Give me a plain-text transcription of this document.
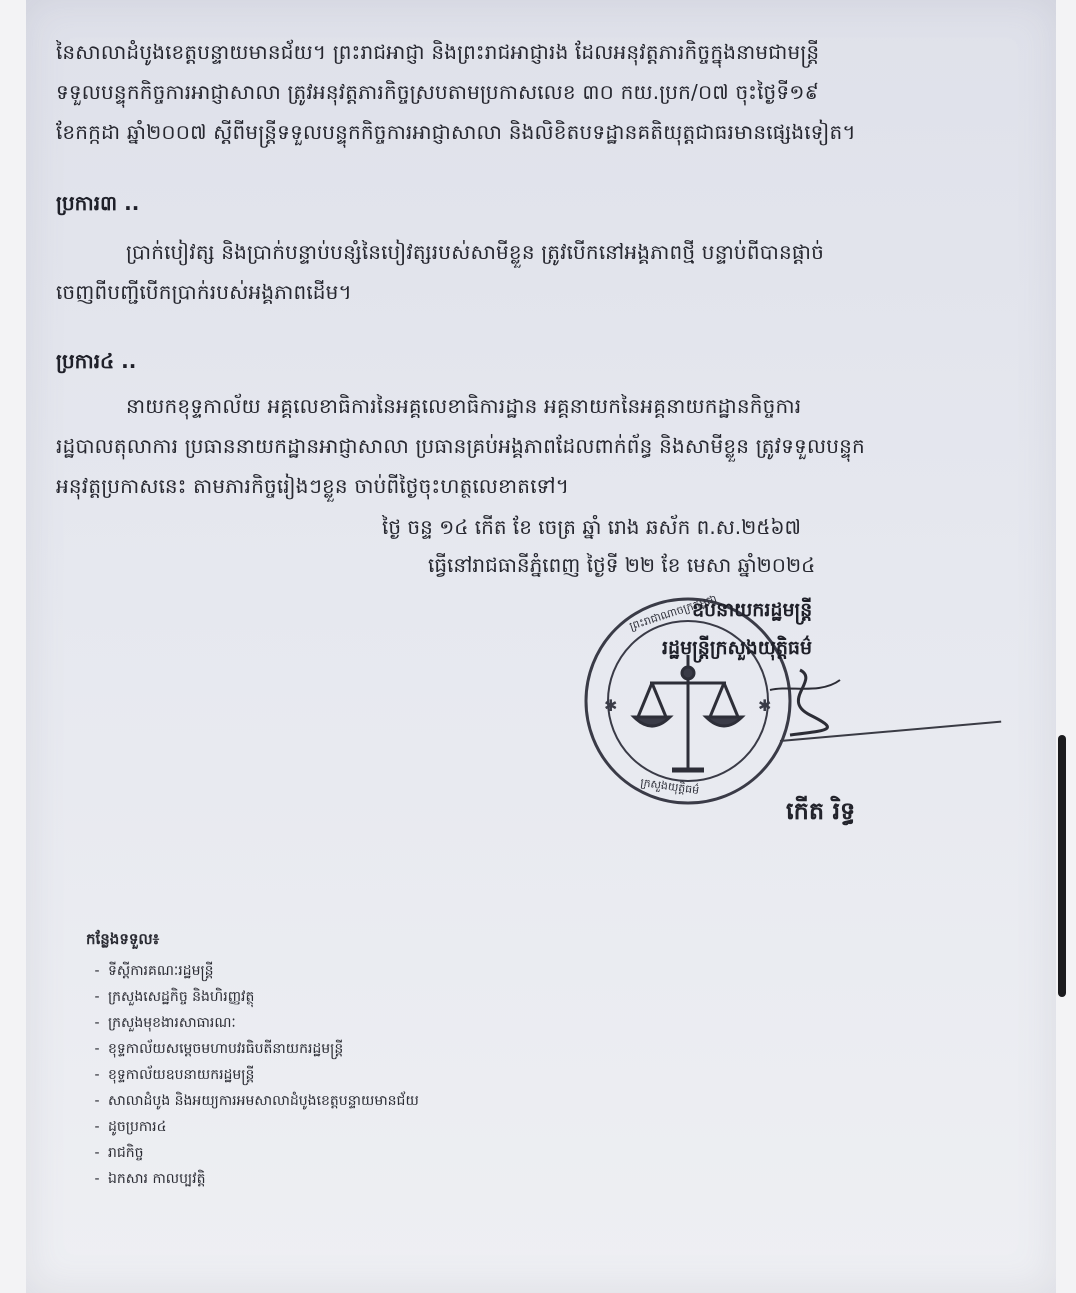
នៃសាលាដំបូងខេត្តបន្ទាយមានជ័យ។ ព្រះរាជអាជ្ញា និងព្រះរាជអាជ្ញារង ដែលអនុវត្តភារកិច្ចក្នុងនាមជាមន្ត្រី
ទទួលបន្ទុកកិច្ចការអាជ្ញាសាលា ត្រូវអនុវត្តភារកិច្ចស្របតាមប្រកាសលេខ ៣០ កយ.ប្រក/០៧ ចុះថ្ងៃទី១៩
ខែកក្កដា ឆ្នាំ២០០៧ ស្តីពីមន្ត្រីទទួលបន្ទុកកិច្ចការអាជ្ញាសាលា និងលិខិតបទដ្ឋានគតិយុត្តជាធរមានផ្សេងទៀត។
ប្រការ៣ ..
ប្រាក់បៀវត្ស និងប្រាក់បន្ទាប់បន្សំនៃបៀវត្សរបស់សាមីខ្លួន ត្រូវបើកនៅអង្គភាពថ្មី បន្ទាប់ពីបានផ្តាច់
ចេញពីបញ្ជីបើកប្រាក់របស់អង្គភាពដើម។
ប្រការ៤ ..
នាយកខុទ្ទកាល័យ អគ្គលេខាធិការនៃអគ្គលេខាធិការដ្ឋាន អគ្គនាយកនៃអគ្គនាយកដ្ឋានកិច្ចការ
រដ្ឋបាលតុលាការ ប្រធាននាយកដ្ឋានអាជ្ញាសាលា ប្រធានគ្រប់អង្គភាពដែលពាក់ព័ន្ធ និងសាមីខ្លួន ត្រូវទទួលបន្ទុក
អនុវត្តប្រកាសនេះ តាមភារកិច្ចរៀងៗខ្លួន ចាប់ពីថ្ងៃចុះហត្ថលេខាតទៅ។
ថ្ងៃ ចន្ទ ១៤ កើត ខែ ចេត្រ ឆ្នាំ រោង ឆស័ក ព.ស.២៥៦៧
ធ្វើនៅរាជធានីភ្នំពេញ ថ្ងៃទី ២២ ខែ មេសា ឆ្នាំ២០២៤
✱	✱
ព្រះរាជាណាចក្រកម្ពុជា
ក្រសួងយុត្តិធម៌
ឧបនាយករដ្ឋមន្ត្រី
រដ្ឋមន្ត្រីក្រសួងយុត្តិធម៌
កើត រិទ្ធ
កន្លែងទទួល៖
- ទីស្តីការគណៈរដ្ឋមន្ត្រី
- ក្រសួងសេដ្ឋកិច្ច និងហិរញ្ញវត្ថុ
- ក្រសួងមុខងារសាធារណៈ
- ខុទ្ទកាល័យសម្តេចមហាបវរធិបតីនាយករដ្ឋមន្ត្រី
- ខុទ្ទកាល័យឧបនាយករដ្ឋមន្ត្រី
- សាលាដំបូង និងអយ្យការអមសាលាដំបូងខេត្តបន្ទាយមានជ័យ
- ដូចប្រការ៤
- រាជកិច្ច
- ឯកសារ កាលប្បវត្តិ
